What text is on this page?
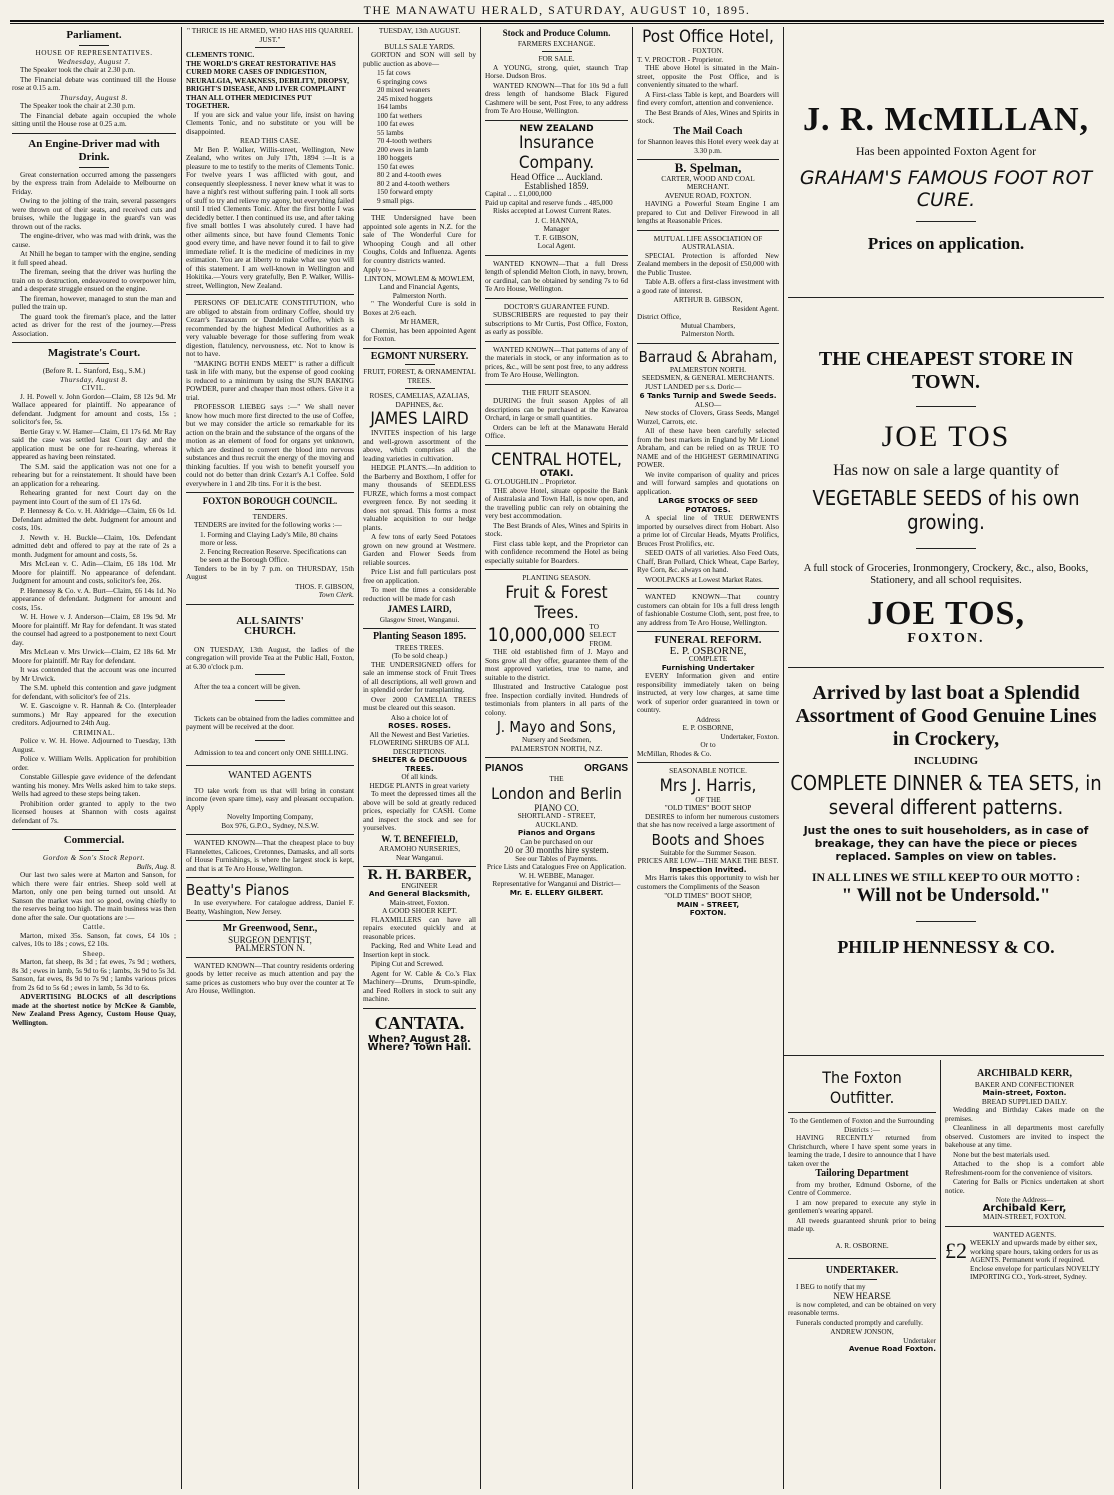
THE MANAWATU HERALD, SATURDAY, AUGUST 10, 1895.
Parliament.
HOUSE OF REPRESENTATIVES.
Wednesday, August 7.

The Speaker took the chair at 2.30 p.m.

The Financial debate was continued till the House rose at 0.15 a.m.

Thursday, August 8.

The Speaker took the chair at 2.30 p.m.

The Financial debate again occupied the whole sitting until the House rose at 0.25 a.m.

An Engine-Driver mad with Drink.

Great consternation occurred among the passengers by the express train from Adelaide to Melbourne on Friday.

Owing to the jolting of the train, several passengers were thrown out of their seats, and received cuts and bruises, while the luggage in the guard's van was thrown out of the racks.

The engine-driver, who was mad with drink, was the cause.

At Nhill he began to tamper with the engine, sending it full speed ahead.

The fireman, seeing that the driver was hurling the train on to destruction, endeavoured to overpower him, and a desperate struggle ensued on the engine.

The fireman, however, managed to stun the man and pulled the train up.

The guard took the fireman's place, and the latter acted as driver for the rest of the journey.—Press Association.

Magistrate's Court.
(Before R. L. Stanford, Esq., S.M.)
Thursday, August 8.
CIVIL.

J. H. Powell v. John Gordon—Claim, £8 12s 9d. Mr Wallace appeared for plaintiff. No appearance of defendant. Judgment for amount and costs, 15s ; solicitor's fee, 5s.

Bertie Gray v. W. Hamer—Claim, £1 17s 6d. Mr Ray said the case was settled last Court day and the application must be one for re-hearing, whereas it appeared as having been reinstated.

The S.M. said the application was not one for a rehearing but for a reinstatement. It should have been an application for a rehearing.

Rehearing granted for next Court day on the payment into Court of the sum of £1 17s 6d.

P. Hennessy & Co. v. H. Aldridge—Claim, £6 0s 1d. Defendant admitted the debt. Judgment for amount and costs, 10s.

J. Newth v. H. Buckle—Claim, 10s. Defendant admitted debt and offered to pay at the rate of 2s a month. Judgment for amount and costs, 5s.

Mrs McLean v. C. Adin—Claim, £6 18s 10d. Mr Moore for plaintiff. No appearance of defendant. Judgment for amount and costs, solicitor's fee, 26s.

P. Hennessy & Co. v. A. Burt—Claim, £6 14s 1d. No appearance of defendant. Judgment for amount and costs, 15s.

W. H. Howe v. J. Anderson—Claim, £8 19s 9d. Mr Moore for plaintiff. Mr Ray for defendant. It was stated the counsel had agreed to a postponement to next Court day.

Mrs McLean v. Mrs Urwick—Claim, £2 18s 6d. Mr Moore for plaintiff. Mr Ray for defendant.

It was contended that the account was one incurred by Mr Urwick.

The S.M. upheld this contention and gave judgment for defendant, with solicitor's fee of 21s.

W. E. Gascoigne v. R. Hannah & Co. (Interpleader summons.) Mr Ray appeared for the execution creditors. Adjourned to 24th Aug.

CRIMINAL.

Police v. W. H. Howe. Adjourned to Tuesday, 13th August.

Police v. William Wells. Application for prohibition order.

Constable Gillespie gave evidence of the defendant wanting his money. Mrs Wells asked him to take steps. Wells had agreed to these steps being taken.

Prohibition order granted to apply to the two licensed houses at Shannon with costs against defendant of 7s.

Commercial.
Gordon & Son's Stock Report.
Bulls, Aug. 8.

Our last two sales were at Marton and Sanson, for which there were fair entries. Sheep sold well at Marton, only one pen being turned out unsold. At Sanson the market was not so good, owing chiefly to the reserves being too high. The main business was then done after the sale. Our quotations are :—

Cattle.

Marton, mixed 35s. Sanson, fat cows, £4 10s ; calves, 10s to 18s ; cows, £2 10s.

Sheep.

Marton, fat sheep, 8s 3d ; fat ewes, 7s 9d ; wethers, 8s 3d ; ewes in lamb, 5s 9d to 6s ; lambs, 3s 9d to 5s 3d. Sanson, fat ewes, 8s 9d to 7s 9d ; lambs various prices from 2s 6d to 5s 6d ; ewes in lamb, 5s 3d to 6s.

ADVERTISING BLOCKS of all descriptions made at the shortest notice by McKee & Gamble, New Zealand Press Agency, Custom House Quay, Wellington.

" THRICE IS HE ARMED, WHO HAS HIS QUARREL JUST."
CLEMENTS TONIC.
THE WORLD'S GREAT RESTORATIVE HAS CURED MORE CASES OF INDIGESTION, NEURALGIA, WEAKNESS, DEBILITY, DROPSY, BRIGHT'S DISEASE, AND LIVER COMPLAINT THAN ALL OTHER MEDICINES PUT TOGETHER.

If you are sick and value your life, insist on having Clements Tonic, and no substitute or you will be disappointed.

READ THIS CASE.

Mr Ben P. Walker, Willis-street, Wellington, New Zealand, who writes on July 17th, 1894 :—It is a pleasure to me to testify to the merits of Clements Tonic. For twelve years I was afflicted with gout, and consequently sleeplessness. I never knew what it was to have a night's rest without suffering pain. I took all sorts of stuff to try and relieve my agony, but everything failed until I tried Clements Tonic. After the first bottle I was decidedly better. I then continued its use, and after taking five small bottles I was absolutely cured. I have had other ailments since, but have found Clements Tonic good every time, and have never found it to fail to give immediate relief. It is the medicine of medicines in my estimation. You are at liberty to make what use you will of this statement. I am well-known in Wellington and Hokitika.—Yours very gratefully, Ben P. Walker, Willis-street, Wellington, New Zealand.

PERSONS OF DELICATE CONSTITUTION, who are obliged to abstain from ordinary Coffee, should try Cezarr's Taraxacum or Dandelion Coffee, which is recommended by the highest Medical Authorities as a very valuable beverage for those suffering from weak digestion, flatulency, nervousness, etc. Not to know is not to have.

"MAKING BOTH ENDS MEET" is rather a difficult task in life with many, but the expense of good cooking is reduced to a minimum by using the SUN BAKING POWDER, purer and cheaper than most others. Give it a trial.

PROFESSOR LIEBEG says :—" We shall never know how much more first directed to the use of Coffee, but we may consider the article so remarkable for its action on the brain and the substance of the organs of the motion as an element of food for organs yet unknown, which are destined to convert the blood into nervous substances and thus recruit the energy of the moving and thinking faculties. If you wish to benefit yourself you could not do better than drink Cezarr's A.1 Coffee. Sold everywhere in 1 and 2lb tins. For it is the best.

FOXTON BOROUGH COUNCIL.
TENDERS.

TENDERS are invited for the following works :—

1. Forming and Claying Lady's Mile, 80 chains more or less.
2. Fencing Recreation Reserve. Specifications can be seen at the Borough Office.

Tenders to be in by 7 p.m. on THURSDAY, 15th August

THOS. F. GIBSON,
Town Clerk.
ALL SAINTS'
CHURCH.

ON TUESDAY, 13th August, the ladies of the congregation will provide Tea at the Public Hall, Foxton, at 6.30 o'clock p.m.

After the tea a concert will be given.

Tickets can be obtained from the ladies committee and payment will be received at the door.

Admission to tea and concert only ONE SHILLING.

WANTED AGENTS

TO take work from us that will bring in constant income (even spare time), easy and pleasant occupation. Apply

Novelty Importing Company,
Box 976, G.P.O., Sydney, N.S.W.

WANTED KNOWN—That the cheapest place to buy Flannelettes, Calicoes, Cretonnes, Damasks, and all sorts of House Furnishings, is where the largest stock is kept, and that is at Te Aro House, Wellington.

Beatty's Pianos

In use everywhere. For catalogue address, Daniel F. Beatty, Washington, New Jersey.

Mr Greenwood, Senr.,
SURGEON DENTIST,
PALMERSTON N.

WANTED KNOWN—That country residents ordering goods by letter receive as much attention and pay the same prices as customers who buy over the counter at Te Aro House, Wellington.

TUESDAY, 13th AUGUST.
BULLS SALE YARDS.

GORTON and SON will sell by public auction as above—

15 fat cows
6 springing cows
20 mixed weaners
245 mixed hoggets
164 lambs
100 fat wethers
100 fat ewes
55 lambs
70 4-tooth wethers
200 ewes in lamb
180 hoggets
150 fat ewes
80 2 and 4-tooth ewes
80 2 and 4-tooth wethers
150 forward empty
9 small pigs.

THE Undersigned have been appointed sole agents in N.Z. for the sale of The Wonderful Cure for Whooping Cough and all other Coughs, Colds and Influenza. Agents for country districts wanted.

Apply to—
LINTON, MOWLEM & MOWLEM,
Land and Financial Agents,
Palmerston North.

" The Wonderful Cure is sold in Boxes at 2/6 each.

Mr HAMER,

Chemist, has been appointed Agent for Foxton.

EGMONT NURSERY.
FRUIT, FOREST, & ORNAMENTAL TREES.
ROSES, CAMELIAS, AZALIAS, DAPHNES, &c.
JAMES LAIRD

INVITES inspection of his large and well-grown assortment of the above, which comprises all the leading varieties in cultivation.

HEDGE PLANTS.—In addition to the Barberry and Boxthorn, I offer for many thousands of SEEDLESS FURZE, which forms a most compact evergreen fence. By not seeding it does not spread. This forms a most valuable acquisition to our hedge plants.

A few tons of early Seed Potatoes grown on new ground at Westmere. Garden and Flower Seeds from reliable sources.

Price List and full particulars post free on application.

To meet the times a considerable reduction will be made for cash

JAMES LAIRD,
Glasgow Street, Wanganui.
Planting Season 1895.
TREES TREES.
(To be sold cheap.)

THE UNDERSIGNED offers for sale an immense stock of Fruit Trees of all descriptions, all well grown and in splendid order for transplanting.

Over 2000 CAMELIA TREES must be cleared out this season.

Also a choice lot of
ROSES. ROSES.
All the Newest and Best Varieties.
FLOWERING SHRUBS OF ALL DESCRIPTIONS.
SHELTER & DECIDUOUS TREES.
Of all kinds.
HEDGE PLANTS in great variety

To meet the depressed times all the above will be sold at greatly reduced prices, especially for CASH. Come and inspect the stock and see for yourselves.

W. T. BENEFIELD,
ARAMOHO NURSERIES,
Near Wanganui.
R. H. BARBER,
ENGINEER
And General Blacksmith,
Main-street, Foxton.
A GOOD SHOER KEPT.

FLAXMILLERS can have all repairs executed quickly and at reasonable prices.

Packing, Red and White Lead and Insertion kept in stock.

Piping Cut and Screwed.

Agent for W. Cable & Co.'s Flax Machinery—Drums, Drum-spindle, and Feed Rollers in stock to suit any machine.

CANTATA.
When? August 28.
Where? Town Hall.
Stock and Produce Column.
FARMERS EXCHANGE.
FOR SALE.

A YOUNG, strong, quiet, staunch Trap Horse. Dudson Bros.

WANTED KNOWN—That for 10s 9d a full dress length of handsome Black Figured Cashmere will be sent, Post Free, to any address from Te Aro House, Wellington.

NEW ZEALAND
Insurance Company.
Head Office ... Auckland.
Established 1859.
Capital .. .. £1,000,000
Paid up capital and reserve funds .. 485,000

Risks accepted at Lowest Current Rates.

J. C. HANNA,
Manager
T. F. GIBSON,
Local Agent.

WANTED KNOWN—That a full Dress length of splendid Melton Cloth, in navy, brown, or cardinal, can be obtained by sending 7s to 6d Te Aro House, Wellington.

DOCTOR'S GUARANTEE FUND.

SUBSCRIBERS are requested to pay their subscriptions to Mr Curtis, Post Office, Foxton, as early as possible.

WANTED KNOWN—That patterns of any of the materials in stock, or any information as to prices, &c., will be sent post free, to any address from Te Aro House, Wellington.

THE FRUIT SEASON.

DURING the fruit season Apples of all descriptions can be purchased at the Kawaroa Orchard, in large or small quantities.

Orders can be left at the Manawatu Herald Office.

CENTRAL HOTEL,
OTAKI.
G. O'LOUGHLIN .. Proprietor.

THE above Hotel, situate opposite the Bank of Australasia and Town Hall, is now open, and the travelling public can rely on obtaining the very best accommodation.

The Best Brands of Ales, Wines and Spirits in stock.

First class table kept, and the Proprietor can with confidence recommend the Hotel as being especially suitable for Boarders.

PLANTING SEASON.
Fruit & Forest Trees.
10,000,000 TO SELECT FROM.

THE old established firm of J. Mayo and Sons grow all they offer, guarantee them of the most approved varieties, true to name, and suitable to the district.

Illustrated and Instructive Catalogue post free. Inspection cordially invited. Hundreds of testimonials from planters in all parts of the colony.

J. Mayo and Sons,
Nursery and Seedsmen,
PALMERSTON NORTH, N.Z.
PIANOS	ORGANS
THE
London and Berlin
PIANO CO.
SHORTLAND - STREET,
AUCKLAND.
Pianos and Organs
Can be purchased on our
20 or 30 months hire system.
See our Tables of Payments.
Price Lists and Catalogues Free on Application.
W. H. WEBBE, Manager.
Representative for Wanganui and District—
Mr. E. ELLERY GILBERT.
Post Office Hotel,
FOXTON.
T. V. PROCTOR - Proprietor.

THE above Hotel is situated in the Main-street, opposite the Post Office, and is conveniently situated to the wharf.

A First-class Table is kept, and Boarders will find every comfort, attention and convenience.

The Best Brands of Ales, Wines and Spirits in stock.

The Mail Coach
for Shannon leaves this Hotel every week day at 3.30 p.m.
B. Spelman,
CARTER, WOOD AND COAL
MERCHANT.
AVENUE ROAD, FOXTON.

HAVING a Powerful Steam Engine I am prepared to Cut and Deliver Firewood in all lengths at Reasonable Prices.

MUTUAL LIFE ASSOCIATION OF AUSTRALASIA.

SPECIAL Protection is afforded New Zealand members in the deposit of £50,000 with the Public Trustee.

Table A.B. offers a first-class investment with a good rate of interest.

ARTHUR B. GIBSON,
Resident Agent.
District Office,
Mutual Chambers,
Palmerston North.
Barraud & Abraham,
PALMERSTON NORTH.
SEEDSMEN, & GENERAL MERCHANTS.

JUST LANDED per s.s. Doric—

6 Tanks Turnip and Swede Seeds.
ALSO—

New stocks of Clovers, Grass Seeds, Mangel Wurzel, Carrots, etc.

All of these have been carefully selected from the best markets in England by Mr Lionel Abraham, and can be relied on as TRUE TO NAME and of the HIGHEST GERMINATING POWER.

We invite comparison of quality and prices and will forward samples and quotations on application.

LARGE STOCKS OF SEED POTATOES.

A special line of TRUE DERWENTS imported by ourselves direct from Hobart. Also a prime lot of Circular Heads, Myatts Prolifics, Bruces Frost Prolifics, etc.

SEED OATS of all varieties. Also Feed Oats, Chaff, Bran Pollard, Chick Wheat, Cape Barley, Rye Corn, &c. always on hand.

WOOLPACKS at Lowest Market Rates.

WANTED KNOWN—That country customers can obtain for 10s a full dress length of fashionable Costume Cloth, sent, post free, to any address from Te Aro House, Wellington.

FUNERAL REFORM.
E. P. OSBORNE,
COMPLETE
Furnishing Undertaker

EVERY Information given and entire responsibility immediately taken on being instructed, at very low charges, at same time work of superior order guaranteed in town or country.

Address
E. P. OSBORNE,
Undertaker, Foxton.
Or to
McMillan, Rhodes & Co.
SEASONABLE NOTICE.
Mrs J. Harris,
OF THE
"OLD TIMES" BOOT SHOP

DESIRES to inform her numerous customers that she has now received a large assortment of

Boots and Shoes
Suitable for the Summer Season.
PRICES ARE LOW—THE MAKE THE BEST.
Inspection Invited.

Mrs Harris takes this opportunity to wish her customers the Compliments of the Season

"OLD TIMES" BOOT SHOP,
MAIN - STREET,
FOXTON.
J. R. McMILLAN,
Has been appointed Foxton Agent for
GRAHAM'S FAMOUS FOOT ROT CURE.
Prices on application.
THE CHEAPEST STORE IN TOWN.
JOE TOS
Has now on sale a large quantity of
VEGETABLE SEEDS of his own growing.
A full stock of Groceries, Ironmongery, Crockery, &c., also, Books, Stationery, and all school requisites.
JOE TOS,
FOXTON.
Arrived by last boat a Splendid Assortment of Good Genuine Lines in Crockery,
INCLUDING
COMPLETE DINNER & TEA SETS, in several different patterns.
Just the ones to suit householders, as in case of breakage, they can have the piece or pieces replaced. Samples on view on tables.
IN ALL LINES WE STILL KEEP TO OUR MOTTO :
" Will not be Undersold."
PHILIP HENNESSY & CO.
The Foxton Outfitter.
To the Gentlemen of Foxton and the Surrounding Districts :—

HAVING RECENTLY returned from Christchurch, where I have spent some years in learning the trade, I desire to announce that I have taken over the

Tailoring Department

from my brother, Edmund Osborne, of the Centre of Commerce.

I am now prepared to execute any style in gentlemen's wearing apparel.

All tweeds guaranteed shrunk prior to being made up.

A. R. OSBORNE.
UNDERTAKER.

I BEG to notify that my

NEW HEARSE

is now completed, and can be obtained on very reasonable terms.

Funerals conducted promptly and carefully.

ANDREW JONSON,
Undertaker
Avenue Road Foxton.
ARCHIBALD KERR,
BAKER AND CONFECTIONER
Main-street, Foxton.
BREAD SUPPLIED DAILY.

Wedding and Birthday Cakes made on the premises.

Cleanliness in all departments most carefully observed. Customers are invited to inspect the bakehouse at any time.

None but the best materials used.

Attached to the shop is a comfort able Refreshment-room for the convenience of visitors.

Catering for Balls or Picnics undertaken at short notice.

Note the Address—
Archibald Kerr,
MAIN-STREET, FOXTON.
WANTED AGENTS.
£2 WEEKLY and upwards made by either sex, working spare hours, taking orders for us as AGENTS. Permanent work if required. Enclose envelope for particulars NOVELTY IMPORTING CO., York-street, Sydney.
